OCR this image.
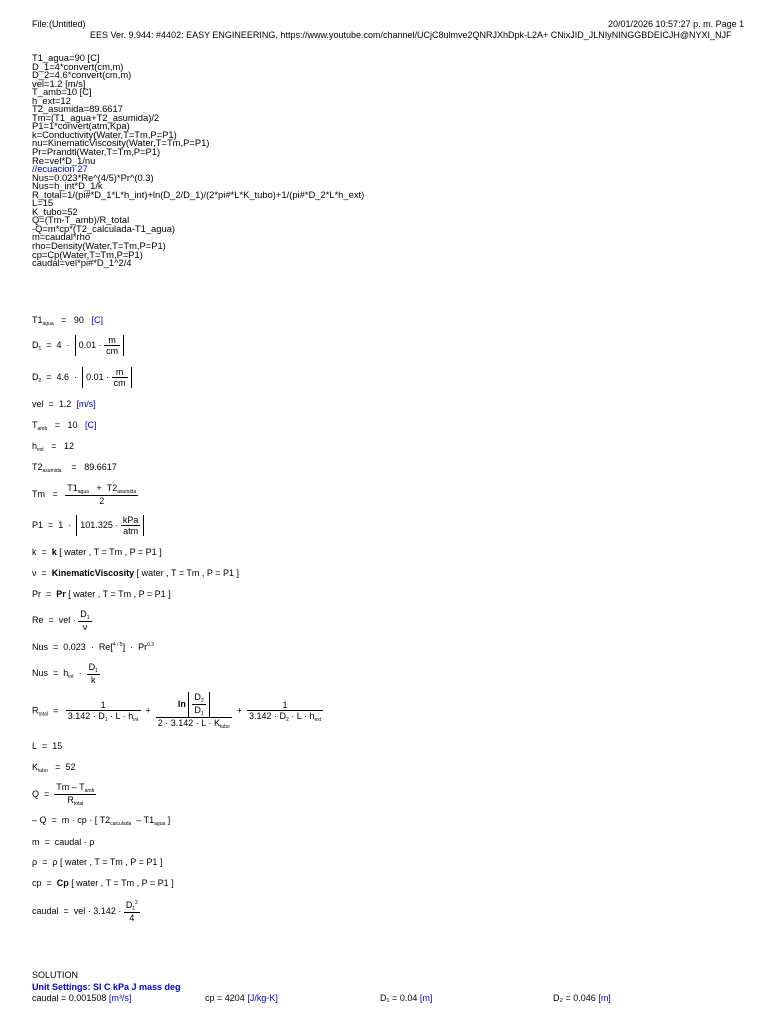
File:(Untitled)	20/01/2026 10:57:27 p. m. Page 1
EES Ver. 9.944: #4402: EASY ENGINEERING, https://www.youtube.com/channel/UCjC8ulmve2QNRJXhDpk-L2A+ CNixJID_JLNIyNINGGBDEICJH@NYXI_NJF
T1_agua=90 [C]
D_1=4*convert(cm,m)
D_2=4.6*convert(cm,m)
vel=1.2 [m/s]
T_amb=10 [C]
h_ext=12
T2_asumida=89.6617
Tm=(T1_agua+T2_asumida)/2
P1=1*convert(atm,Kpa)
k=Conductivity(Water,T=Tm,P=P1)
nu=KinematicViscosity(Water,T=Tm,P=P1)
Pr=Prandtl(Water,T=Tm,P=P1)
Re=vel*D_1/nu
//ecuacion 27
Nus=0.023*Re^(4/5)*Pr^(0.3)
Nus=h_int*D_1/k
R_total=1/(pi#*D_1*L*h_int)+ln(D_2/D_1)/(2*pi#*L*K_tubo)+1/(pi#*D_2*L*h_ext)
L=15
K_tubo=52
Q=(Tm-T_amb)/R_total
-Q=m*cp*(T2_calculada-T1_agua)
m=caudal*rho
rho=Density(Water,T=Tm,P=P1)
cp=Cp(Water,T=Tm,P=P1)
caudal=vel*pi#*D_1^2/4
$T1_{agua} = 90$ [C]
$D_1 = 4 \cdot 0.01 \cdot \frac{m}{cm}$
$D_2 = 4.6 \cdot 0.01 \cdot \frac{m}{cm}$
vel  =  1.2 [m/s]
$T_{amb} = 10$ [C]
$h_{ext} = 12$
$T2_{asumida}$    =   89.6617
$Tm = \frac{T1_{agua} + T2_{asumida}}{2}$
$P1 = 1 \cdot 101.325 \cdot \frac{\text{kPa}}{\text{atm}}$
k  =  k [ water , T = Tm , P = P1 ]
ν  =  KinematicViscosity [ water , T = Tm , P = P1 ]
Pr  =  Pr [ water , T = Tm , P = P1 ]
Re  =  vel · $\frac{D_1}{\nu}$
Nus  =  $0.023 \cdot Re[^{4 / 5}] \cdot Pr^{0.3}$
Nus  =  $h_{int} \cdot \frac{D_1}{k}$
$R_{total} = \frac{1}{3.142 \cdot D_1 \cdot L \cdot h_{int}} + \frac{\ln \frac{D_2}{D_1}}{2 \cdot 3.142 \cdot L \cdot K_{tubo}} + \frac{1}{3.142 \cdot D_2 \cdot L \cdot h_{ext}}$
L  =  15
$K_{tubo} = 52$
$Q = \frac{Tm - T_{amb}}{R_{total}}$
– Q  =  m · cp · [ $T2_{calculada} - T1_{agua}$ ]
m  =  caudal · ρ
ρ  =  ρ [ water , T = Tm , P = P1 ]
cp  =  Cp [ water , T = Tm , P = P1 ]
caudal  =  vel · $3.142 \cdot \frac{D_1^2}{4}$
SOLUTION
Unit Settings: SI C kPa J mass deg
caudal = 0.001508 [m³/s]	cp = 4204 [J/kg-K]	D₁ = 0.04 [m]	D₂ = 0.046 [m]
